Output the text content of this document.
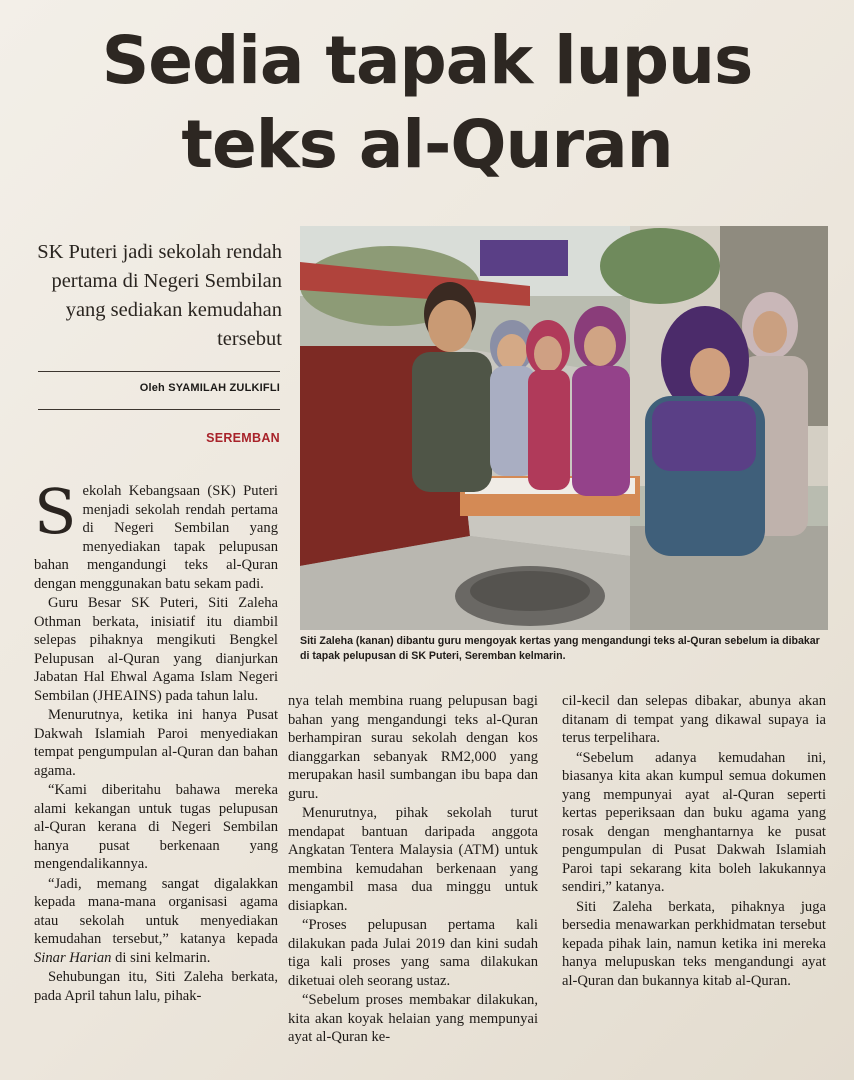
Sedia tapak lupus
teks al-Quran
SK Puteri jadi sekolah rendah pertama di Negeri Sembilan yang sediakan kemudahan tersebut
Oleh SYAMILAH ZULKIFLI
SEREMBAN
Siti Zaleha (kanan) dibantu guru mengoyak kertas yang mengandungi teks al-Quran sebelum ia dibakar di tapak pelupusan di SK Puteri, Seremban kelmarin.

Sekolah Kebangsaan (SK) Puteri menjadi sekolah rendah pertama di Negeri Sembilan yang menyediakan tapak pelupusan bahan mengandungi teks al-Quran dengan menggunakan batu sekam padi.

Guru Besar SK Puteri, Siti Zaleha Othman berkata, inisiatif itu diambil selepas pihaknya mengikuti Bengkel Pelupusan al-Quran yang dianjurkan Jabatan Hal Ehwal Agama Islam Negeri Sembilan (JHEAINS) pada tahun lalu.

Menurutnya, ketika ini hanya Pusat Dakwah Islamiah Paroi menyediakan tempat pengumpulan al-Quran dan bahan agama.

“Kami diberitahu bahawa mereka alami kekangan untuk tugas pelupusan al-Quran kerana di Negeri Sembilan hanya pusat berkenaan yang mengendalikannya.

“Jadi, memang sangat digalakkan kepada mana-mana organisasi agama atau sekolah untuk menyediakan kemudahan tersebut,” katanya kepada Sinar Harian di sini kelmarin.

Sehubungan itu, Siti Zaleha berkata, pada April tahun lalu, pihak-

nya telah membina ruang pelupusan bagi bahan yang mengandungi teks al-Quran berhampiran surau sekolah dengan kos dianggarkan sebanyak RM2,000 yang merupakan hasil sumbangan ibu bapa dan guru.

Menurutnya, pihak sekolah turut mendapat bantuan daripada anggota Angkatan Tentera Malaysia (ATM) untuk membina kemudahan berkenaan yang mengambil masa dua minggu untuk disiapkan.

“Proses pelupusan pertama kali dilakukan pada Julai 2019 dan kini sudah tiga kali proses yang sama dilakukan diketuai oleh seorang ustaz.

“Sebelum proses membakar dilakukan, kita akan koyak helaian yang mempunyai ayat al-Quran ke-

cil-kecil dan selepas dibakar, abunya akan ditanam di tempat yang dikawal supaya ia terus terpelihara.

“Sebelum adanya kemudahan ini, biasanya kita akan kumpul semua dokumen yang mempunyai ayat al-Quran seperti kertas peperiksaan dan buku agama yang rosak dengan menghantarnya ke pusat pengumpulan di Pusat Dakwah Islamiah Paroi tapi sekarang kita boleh lakukannya sendiri,” katanya.

Siti Zaleha berkata, pihaknya juga bersedia menawarkan perkhidmatan tersebut kepada pihak lain, namun ketika ini mereka hanya melupuskan teks mengandungi ayat al-Quran dan bukannya kitab al-Quran.
